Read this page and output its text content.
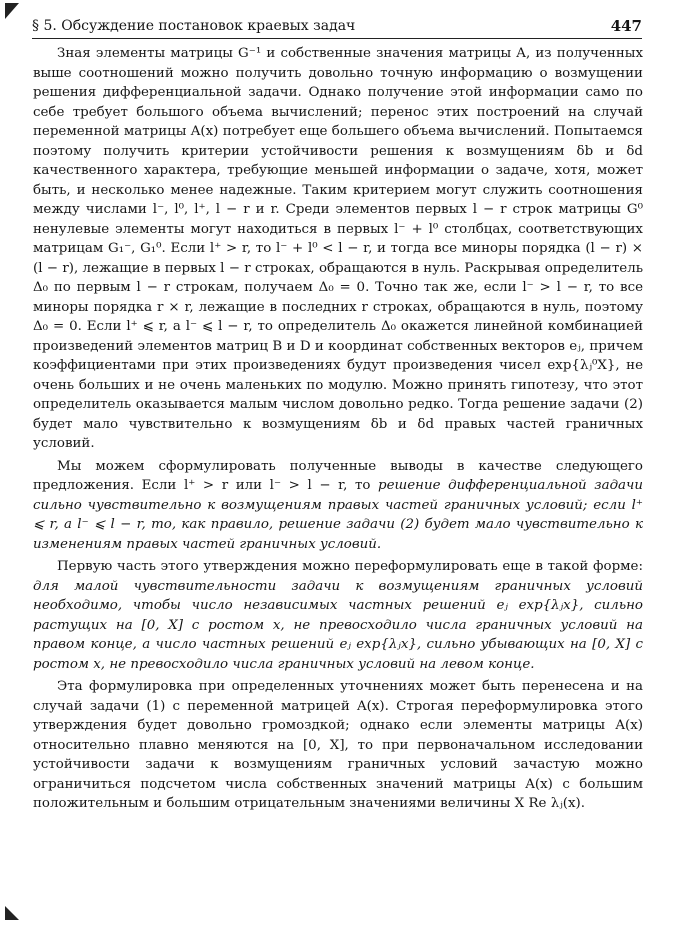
§ 5. Обсуждение постановок краевых задач	447

Зная элементы матрицы G⁻¹ и собственные значения матрицы A, из полученных выше соотношений можно получить довольно точную информацию о возмущении решения дифференциальной задачи. Однако получение этой информации само по себе требует большого объема вычислений; перенос этих построений на случай переменной матрицы A(x) потребует еще большего объема вычислений. Попытаемся поэтому получить критерии устойчивости решения к возмущениям δb и δd качественного характера, требующие меньшей информации о задаче, хотя, может быть, и несколько менее надежные. Таким критерием могут служить соотношения между числами l⁻, l⁰, l⁺, l − r и r. Среди элементов первых l − r строк матрицы G⁰ ненулевые элементы могут находиться в первых l⁻ + l⁰ столбцах, соответствующих матрицам G₁⁻, G₁⁰. Если l⁺ > r, то l⁻ + l⁰ < l − r, и тогда все миноры порядка (l − r) × (l − r), лежащие в первых l − r строках, обращаются в нуль. Раскрывая определитель Δ₀ по первым l − r строкам, получаем Δ₀ = 0. Точно так же, если l⁻ > l − r, то все миноры порядка r × r, лежащие в последних r строках, обращаются в нуль, поэтому Δ₀ = 0. Если l⁺ ⩽ r, а l⁻ ⩽ l − r, то определитель Δ₀ окажется линейной комбинацией произведений элементов матриц B и D и координат собственных векторов eⱼ, причем коэффициентами при этих произведениях будут произведения чисел exp{λⱼ⁰X}, не очень больших и не очень маленьких по модулю. Можно принять гипотезу, что этот определитель оказывается малым числом довольно редко. Тогда решение задачи (2) будет мало чувствительно к возмущениям δb и δd правых частей граничных условий.

Мы можем сформулировать полученные выводы в качестве следующего предложения. Если l⁺ > r или l⁻ > l − r, то решение дифференциальной задачи сильно чувствительно к возмущениям правых частей граничных условий; если l⁺ ⩽ r, а l⁻ ⩽ l − r, то, как правило, решение задачи (2) будет мало чувствительно к изменениям правых частей граничных условий.

Первую часть этого утверждения можно переформулировать еще в такой форме: для малой чувствительности задачи к возмущениям граничных условий необходимо, чтобы число независимых частных решений eⱼ exp{λⱼx}, сильно растущих на [0, X] с ростом x, не превосходило числа граничных условий на правом конце, а число частных решений eⱼ exp{λⱼx}, сильно убывающих на [0, X] с ростом x, не превосходило числа граничных условий на левом конце.

Эта формулировка при определенных уточнениях может быть перенесена и на случай задачи (1) с переменной матрицей A(x). Строгая переформулировка этого утверждения будет довольно громоздкой; однако если элементы матрицы A(x) относительно плавно меняются на [0, X], то при первоначальном исследовании устойчивости задачи к возмущениям граничных условий зачастую можно ограничиться подсчетом числа собственных значений матрицы A(x) с большим положительным и большим отрицательным значениями величины X Re λⱼ(x).
